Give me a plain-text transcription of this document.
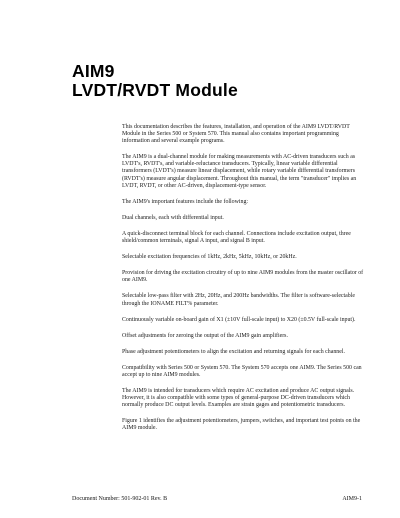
AIM9
LVDT/RVDT Module

This documentation describes the features, installation, and operation of the AIM9 LVDT/RVDT Module in the Series 500 or System 570. This manual also contains important programming information and several example programs.

The AIM9 is a dual-channel module for making measurements with AC-driven transducers such as LVDT's, RVDT's, and variable-reluctance transducers. Typically, linear variable differential transformers (LVDT's) measure linear displacement, while rotary variable differential transformers (RVDT's) measure angular displacement. Throughout this manual, the term "transducer" implies an LVDT, RVDT, or other AC-driven, displacement-type sensor.

The AIM9's important features include the following:

Dual channels, each with differential input.

A quick-disconnect terminal block for each channel. Connections include excitation output, three shield/common terminals, signal A input, and signal B input.

Selectable excitation frequencies of 1kHz, 2kHz, 5kHz, 10kHz, or 20kHz.

Provision for driving the excitation circuitry of up to nine AIM9 modules from the master oscillator of one AIM9.

Selectable low-pass filter with 2Hz, 20Hz, and 200Hz bandwidths. The filter is software-selectable through the IONAME FILT% parameter.

Continuously variable on-board gain of X1 (±10V full-scale input) to X20 (±0.5V full-scale input).

Offset adjustments for zeroing the output of the AIM9 gain amplifiers.

Phase adjustment potentiometers to align the excitation and returning signals for each channel.

Compatibility with Series 500 or System 570. The System 570 accepts one AIM9. The Series 500 can accept up to nine AIM9 modules.

The AIM9 is intended for transducers which require AC excitation and produce AC output signals. However, it is also compatible with some types of general-purpose DC-driven transducers which normally produce DC output levels. Examples are strain gages and potentiometric transducers.

Figure 1 identifies the adjustment potentiometers, jumpers, switches, and important test points on the AIM9 module.

Document Number: 501-902-01 Rev. B	AIM9-1
